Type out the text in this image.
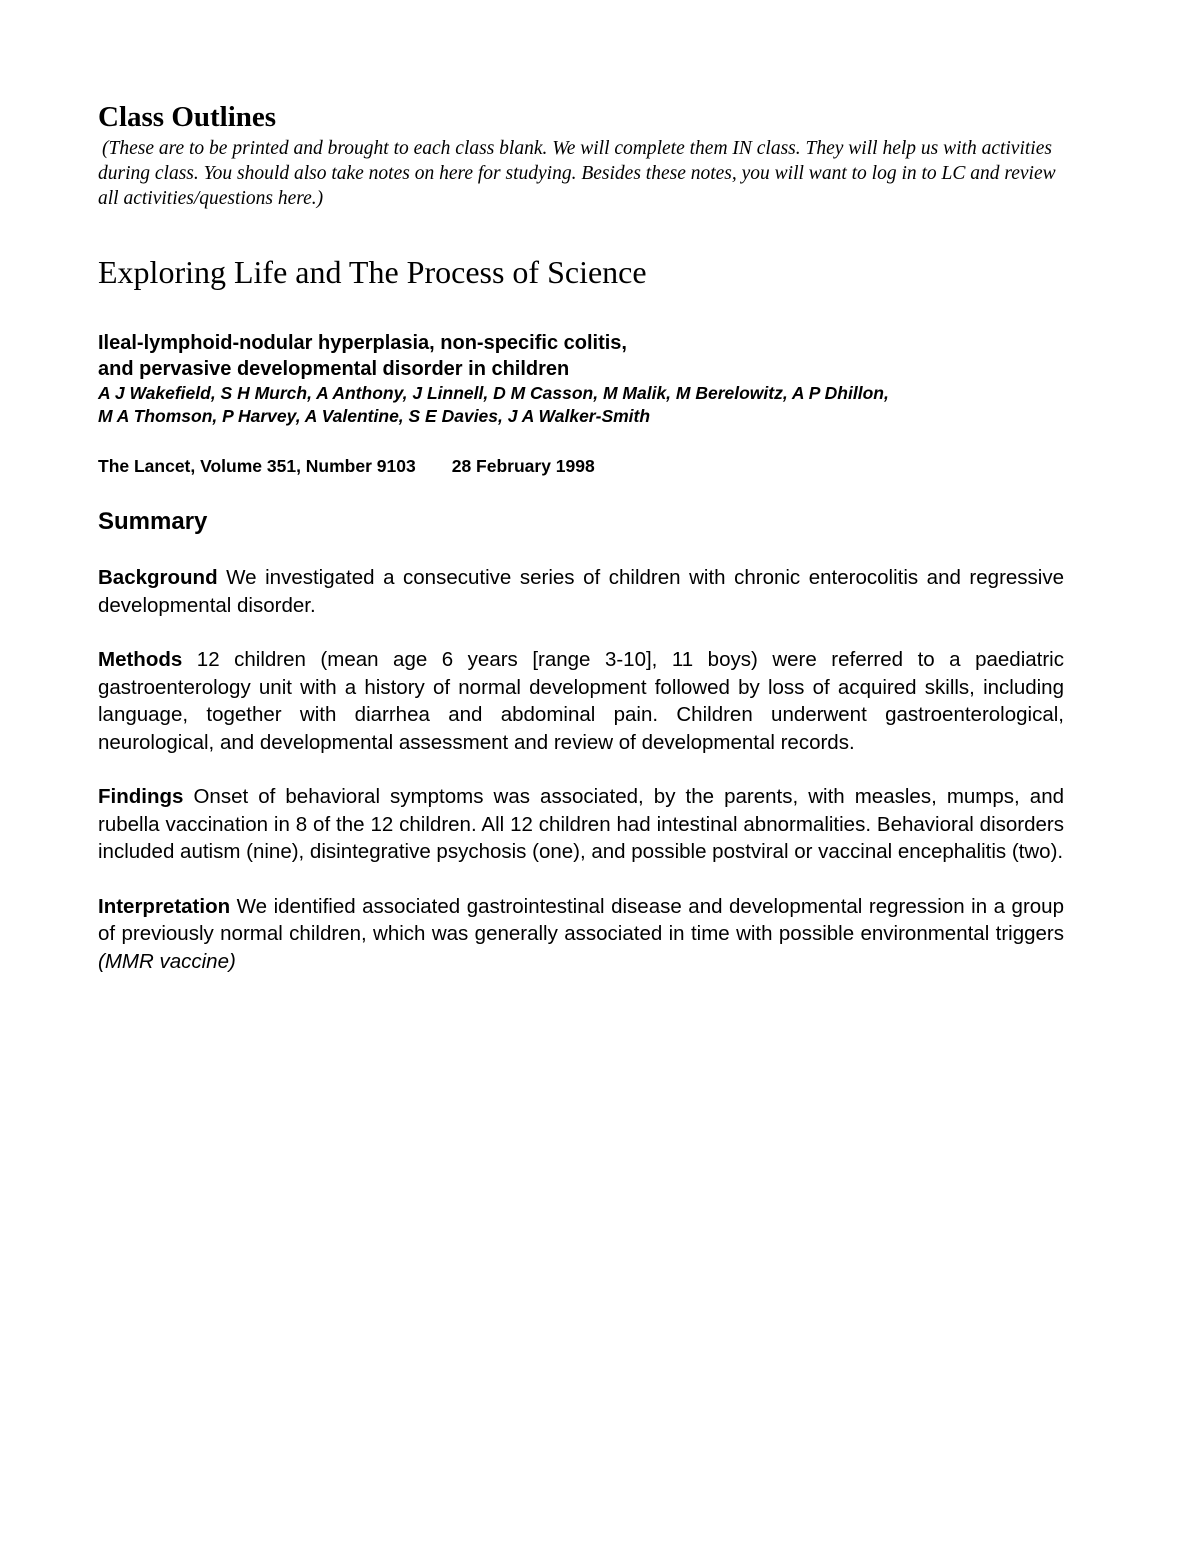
Class Outlines

(These are to be printed and brought to each class blank. We will complete them IN class. They will help us with activities during class. You should also take notes on here for studying. Besides these notes, you will want to log in to LC and review all activities/questions here.)

Exploring Life and The Process of Science
Ileal-lymphoid-nodular hyperplasia, non-specific colitis,
and pervasive developmental disorder in children
A J Wakefield, S H Murch, A Anthony, J Linnell, D M Casson, M Malik, M Berelowitz, A P Dhillon,
M A Thomson, P Harvey, A Valentine, S E Davies, J A Walker-Smith
The Lancet, Volume 351, Number 9103 28 February 1998
Summary

Background We investigated a consecutive series of children with chronic enterocolitis and regressive developmental disorder.

Methods 12 children (mean age 6 years [range 3-10], 11 boys) were referred to a paediatric gastroenterology unit with a history of normal development followed by loss of acquired skills, including language, together with diarrhea and abdominal pain. Children underwent gastroenterological, neurological, and developmental assessment and review of developmental records.

Findings Onset of behavioral symptoms was associated, by the parents, with measles, mumps, and rubella vaccination in 8 of the 12 children. All 12 children had intestinal abnormalities. Behavioral disorders included autism (nine), disintegrative psychosis (one), and possible postviral or vaccinal encephalitis (two).

Interpretation We identified associated gastrointestinal disease and developmental regression in a group of previously normal children, which was generally associated in time with possible environmental triggers (MMR vaccine)
